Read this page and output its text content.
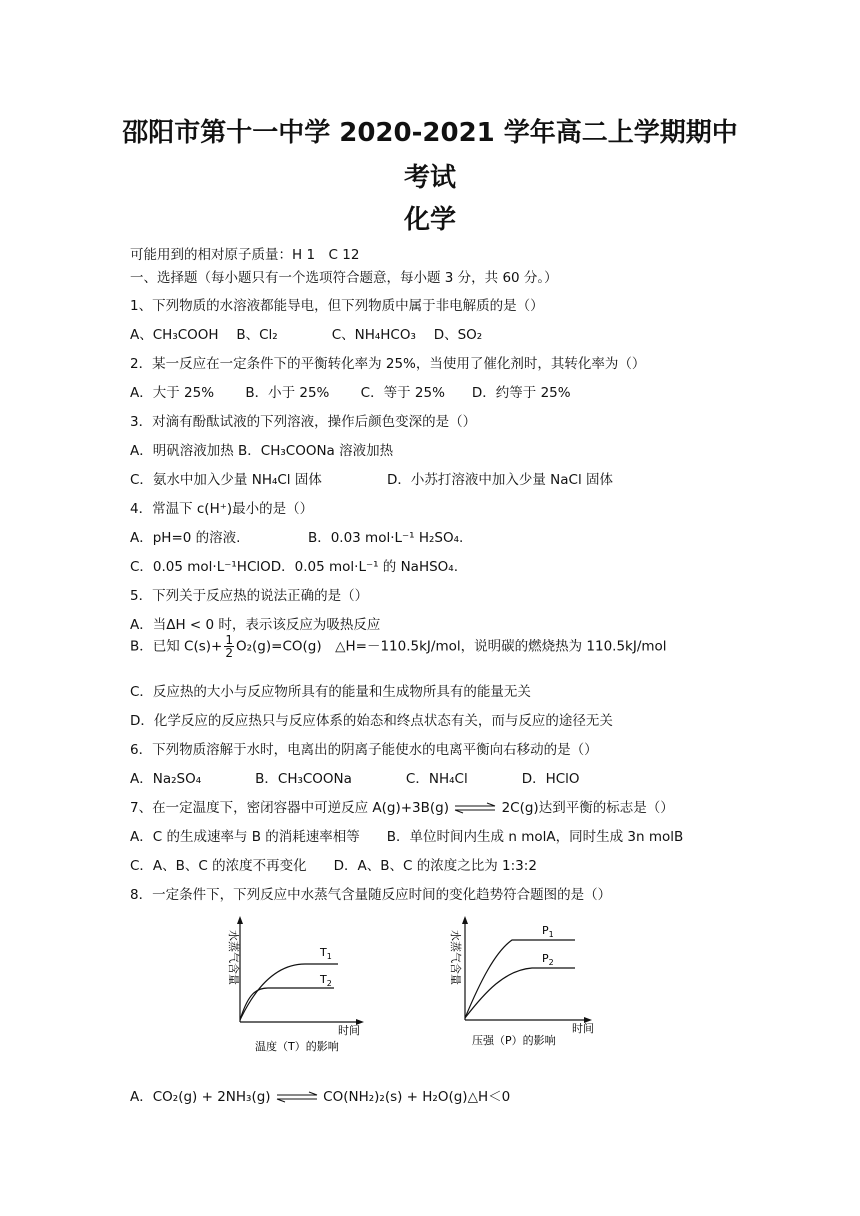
邵阳市第十一中学 2020-2021 学年高二上学期期中
考试
化学
可能用到的相对原子质量：H 1　C 12
一、选择题（每小题只有一个选项符合题意，每小题 3 分，共 60 分。）
1、下列物质的水溶液都能导电，但下列物质中属于非电解质的是（）
A、CH₃COOH　 B、Cl₂　　　　C、NH₄HCO₃　 D、SO₂
2．某一反应在一定条件下的平衡转化率为 25%，当使用了催化剂时，其转化率为（）
A．大于 25%　　 B．小于 25%　　 C．等于 25%　　D．约等于 25%
3．对滴有酚酞试液的下列溶液，操作后颜色变深的是（）
A．明矾溶液加热 B．CH₃COONa 溶液加热
C．氨水中加入少量 NH₄Cl 固体	D．小苏打溶液中加入少量 NaCl 固体
4．常温下 c(H⁺)最小的是（）
A．pH=0 的溶液.　　　　　B．0.03 mol·L⁻¹ H₂SO₄.
C．0.05 mol·L⁻¹HClOD．0.05 mol·L⁻¹ 的 NaHSO₄.
5．下列关于反应热的说法正确的是（）
A．当ΔH < 0 时，表示该反应为吸热反应
B．已知 $C(s)+ \frac{1}{2} O_2(g)=CO(g)$　△H=－110.5kJ/mol，说明碳的燃烧热为 110.5kJ/mol
C．反应热的大小与反应物所具有的能量和生成物所具有的能量无关
D．化学反应的反应热只与反应体系的始态和终点状态有关，而与反应的途径无关
6．下列物质溶解于水时，电离出的阴离子能使水的电离平衡向右移动的是（）
A．Na₂SO₄　　　　B．CH₃COONa　　　　C．NH₄Cl　　　　D．HClO
7、在一定温度下，密闭容器中可逆反应 A(g)+3B(g) ⇌ 2C(g)达到平衡的标志是（）
A．C 的生成速率与 B 的消耗速率相等　　B．单位时间内生成 n molA，同时生成 3n molB
C．A、B、C 的浓度不再变化　　D．A、B、C 的浓度之比为 1:3:2
8．一定条件下，下列反应中水蒸气含量随反应时间的变化趋势符合题图的是（）
$T_1$
$T_2$
时间
温度（T）的影响
水蒸气含量	$P_1$
$P_2$
时间
压强（P）的影响
水蒸气含量
A．CO₂(g) + 2NH₃(g) ⇌ CO(NH₂)₂(s) + H₂O(g)△H＜0
